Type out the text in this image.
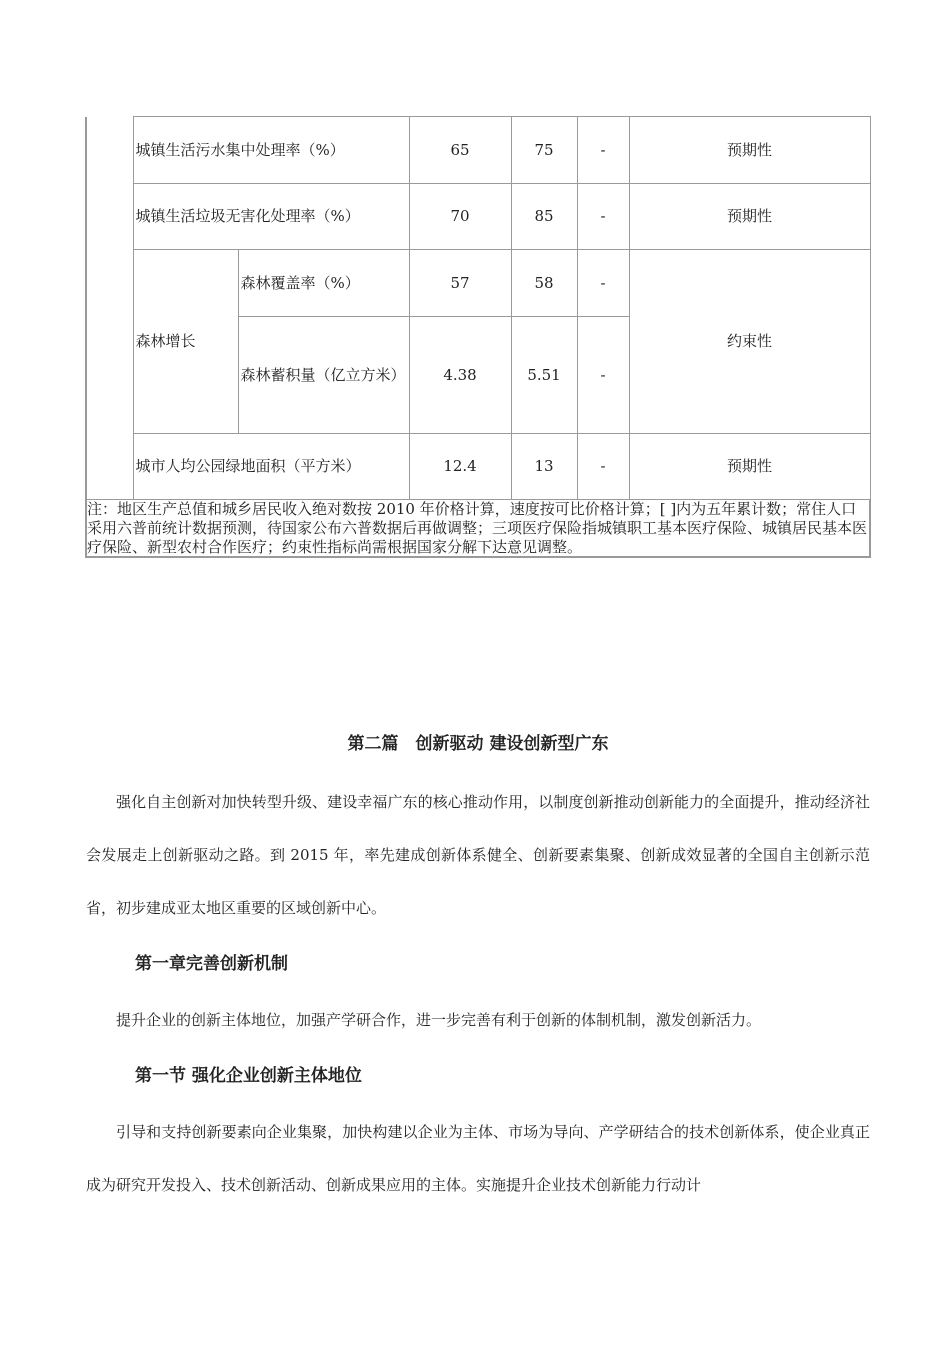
	城镇生活污水集中处理率（%）		65	75	-	预期性
	城镇生活垃圾无害化处理率（%）		70	85	-	预期性
	森林增长	森林覆盖率（%）	57	58	-	约束性
		森林蓄积量（亿立方米）	4.38	5.51	-	
	城市人均公园绿地面积（平方米）		12.4	13	-	预期性
注：地区生产总值和城乡居民收入绝对数按 2010 年价格计算，速度按可比价格计算；[ ]内为五年累计数；常住人口采用六普前统计数据预测，待国家公布六普数据后再做调整；三项医疗保险指城镇职工基本医疗保险、城镇居民基本医疗保险、新型农村合作医疗；约束性指标尚需根据国家分解下达意见调整。						
第二篇　创新驱动 建设创新型广东

强化自主创新对加快转型升级、建设幸福广东的核心推动作用，以制度创新推动创新能力的全面提升，推动经济社会发展走上创新驱动之路。到 2015 年，率先建成创新体系健全、创新要素集聚、创新成效显著的全国自主创新示范省，初步建成亚太地区重要的区域创新中心。

第一章完善创新机制

提升企业的创新主体地位，加强产学研合作，进一步完善有利于创新的体制机制，激发创新活力。

第一节 强化企业创新主体地位

引导和支持创新要素向企业集聚，加快构建以企业为主体、市场为导向、产学研结合的技术创新体系，使企业真正成为研究开发投入、技术创新活动、创新成果应用的主体。实施提升企业技术创新能力行动计
